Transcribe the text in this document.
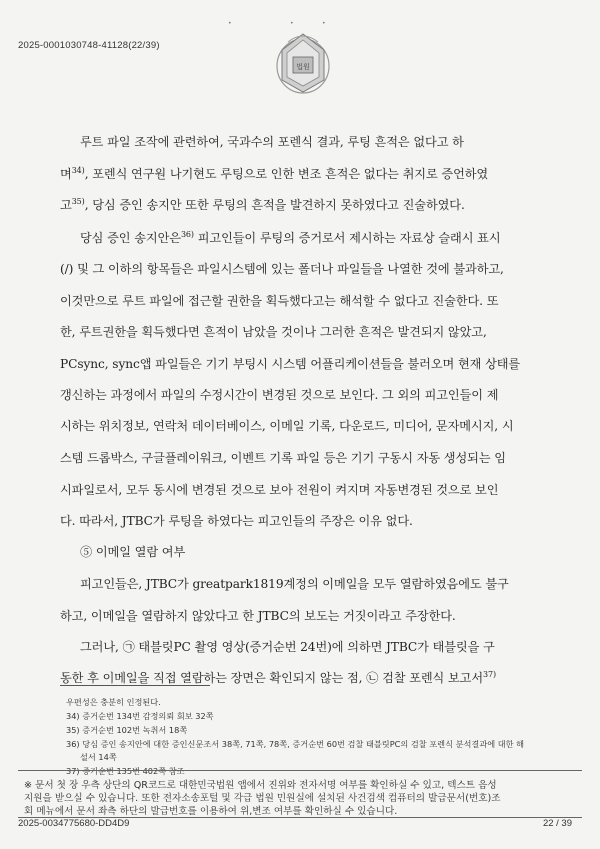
•	•	•
2025-0001030748-41128(22/39)
법원
루트 파일 조작에 관련하여, 국과수의 포렌식 결과, 루팅 흔적은 없다고 하
며$^{34)}$, 포렌식 연구원 나기현도 루팅으로 인한 변조 흔적은 없다는 취지로 증언하였
고$^{35)}$, 당심 증인 송지안 또한 루팅의 흔적을 발견하지 못하였다고 진술하였다.
당심 증인 송지안은$^{36)}$ 피고인들이 루팅의 증거로서 제시하는 자료상 슬래시 표시
(/) 및 그 이하의 항목들은 파일시스템에 있는 폴더나 파일들을 나열한 것에 불과하고,
이것만으로 루트 파일에 접근할 권한을 획득했다고는 해석할 수 없다고 진술한다. 또
한, 루트권한을 획득했다면 흔적이 남았을 것이나 그러한 흔적은 발견되지 않았고,
PCsync, sync앱 파일들은 기기 부팅시 시스템 어플리케이션들을 불러오며 현재 상태를
갱신하는 과정에서 파일의 수정시간이 변경된 것으로 보인다. 그 외의 피고인들이 제
시하는 위치정보, 연락처 데이터베이스, 이메일 기록, 다운로드, 미디어, 문자메시지, 시
스템 드롭박스, 구글플레이워크, 이벤트 기록 파일 등은 기기 구동시 자동 생성되는 임
시파일로서, 모두 동시에 변경된 것으로 보아 전원이 켜지며 자동변경된 것으로 보인
다. 따라서, JTBC가 루팅을 하였다는 피고인들의 주장은 이유 없다.
⑤ 이메일 열람 여부
피고인들은, JTBC가 greatpark1819계정의 이메일을 모두 열람하였음에도 불구
하고, 이메일을 열람하지 않았다고 한 JTBC의 보도는 거짓이라고 주장한다.
그러나, ㉠ 태블릿PC 촬영 영상(증거순번 24번)에 의하면 JTBC가 태블릿을 구
동한 후 이메일을 직접 열람하는 장면은 확인되지 않는 점, ㉡ 검찰 포렌식 보고서$^{37)}$
우편성은 충분히 인정된다.
34) 증거순번 134번 감정의뢰 회보 32쪽
35) 증거순번 102번 녹취서 18쪽
36) 당심 증인 송지안에 대한 증인신문조서 38쪽, 71쪽, 78쪽, 증거순번 60번 검찰 태블릿PC의 검찰 포렌식 분석결과에 대한 해
설서 14쪽
37) 증거순번 135번 402쪽 참조
※ 문서 첫 장 우측 상단의 QR코드로 대한민국법원 앱에서 진위와 전자서명 여부를 확인하실 수 있고, 텍스트 음성
지원을 받으실 수 있습니다. 또한 전자소송포털 및 각급 법원 민원실에 설치된 사건검색 컴퓨터의 발급문서(번호)조
회 메뉴에서 문서 좌측 하단의 발급번호를 이용하여 위,변조 여부를 확인하실 수 있습니다.
2025-0034775680-DD4D9	22 / 39
